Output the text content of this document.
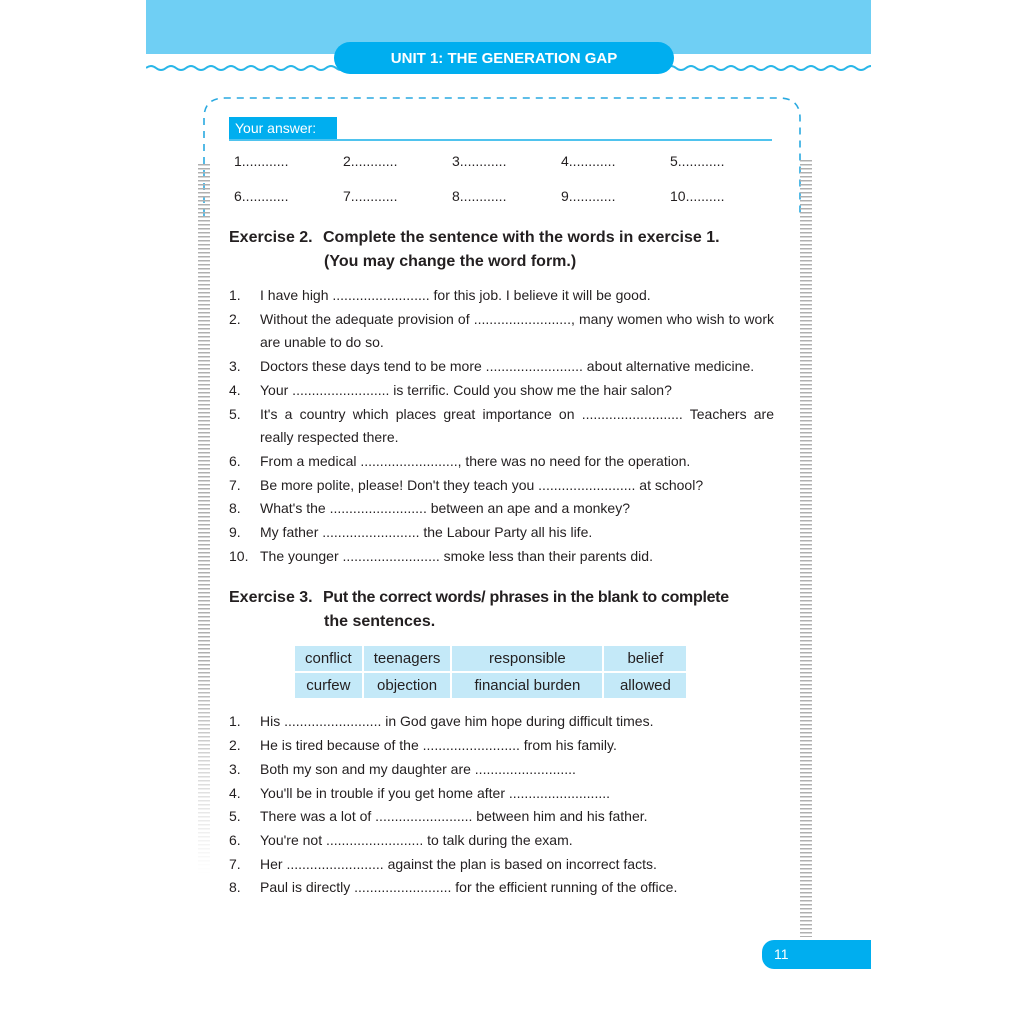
UNIT 1: THE GENERATION GAP
Your answer:
1............	2............	3............	4............	5............
6............	7............	8............	9............	10..........
Exercise 2. Complete the sentence with the words in exercise 1.
(You may change the word form.)
1.	I have high ......................... for this job. I believe it will be good.
2.	Without the adequate provision of ........................., many women who wish to work are unable to do so.
3.	Doctors these days tend to be more ......................... about alternative medicine.
4.	Your ......................... is terrific. Could you show me the hair salon?
5.	It's a country which places great importance on .......................... Teachers are really respected there.
6.	From a medical ........................., there was no need for the operation.
7.	Be more polite, please! Don't they teach you ......................... at school?
8.	What's the ......................... between an ape and a monkey?
9.	My father ......................... the Labour Party all his life.
10. The younger ......................... smoke less than their parents did.
Exercise 3. Put the correct words/ phrases in the blank to complete
the sentences.
conflict	teenagers	responsible	belief
curfew	objection	financial burden	allowed
1.	His ......................... in God gave him hope during difficult times.
2.	He is tired because of the ......................... from his family.
3.	Both my son and my daughter are ..........................
4.	You'll be in trouble if you get home after ..........................
5.	There was a lot of ......................... between him and his father.
6.	You're not ......................... to talk during the exam.
7.	Her ......................... against the plan is based on incorrect facts.
8.	Paul is directly ......................... for the efficient running of the office.
11
